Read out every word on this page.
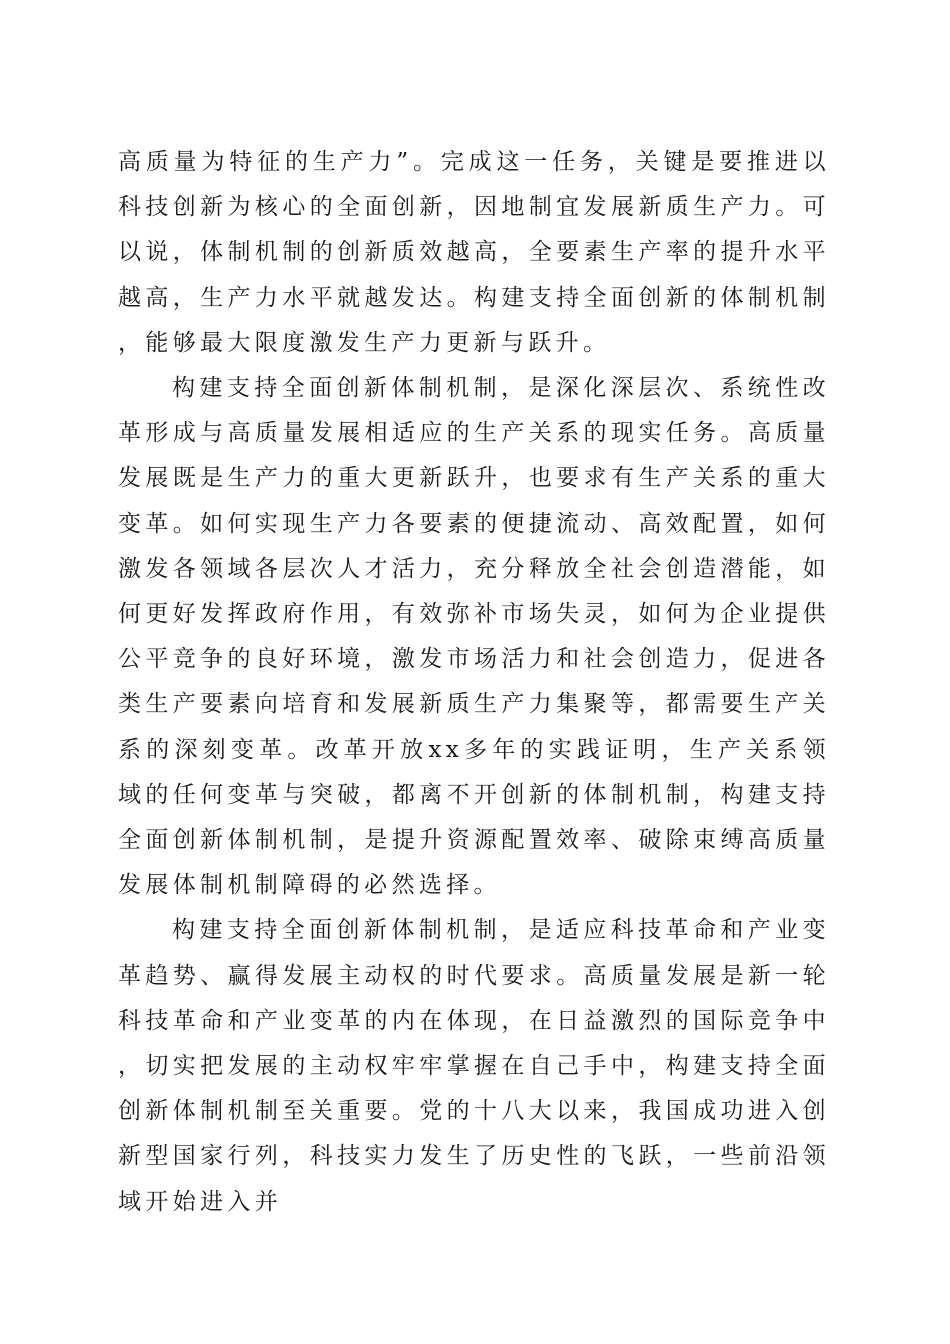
高质量为特征的生产力”。完成这一任务，关键是要推进以科技创新为核心的全面创新，因地制宜发展新质生产力。可以说，体制机制的创新质效越高，全要素生产率的提升水平越高，生产力水平就越发达。构建支持全面创新的体制机制，能够最大限度激发生产力更新与跃升。

构建支持全面创新体制机制，是深化深层次、系统性改革形成与高质量发展相适应的生产关系的现实任务。高质量发展既是生产力的重大更新跃升，也要求有生产关系的重大变革。如何实现生产力各要素的便捷流动、高效配置，如何激发各领域各层次人才活力，充分释放全社会创造潜能，如何更好发挥政府作用，有效弥补市场失灵，如何为企业提供公平竞争的良好环境，激发市场活力和社会创造力，促进各类生产要素向培育和发展新质生产力集聚等，都需要生产关系的深刻变革。改革开放xx多年的实践证明，生产关系领域的任何变革与突破，都离不开创新的体制机制，构建支持全面创新体制机制，是提升资源配置效率、破除束缚高质量发展体制机制障碍的必然选择。

构建支持全面创新体制机制，是适应科技革命和产业变革趋势、赢得发展主动权的时代要求。高质量发展是新一轮科技革命和产业变革的内在体现，在日益激烈的国际竞争中，切实把发展的主动权牢牢掌握在自己手中，构建支持全面创新体制机制至关重要。党的十八大以来，我国成功进入创新型国家行列，科技实力发生了历史性的飞跃，一些前沿领域开始进入并
